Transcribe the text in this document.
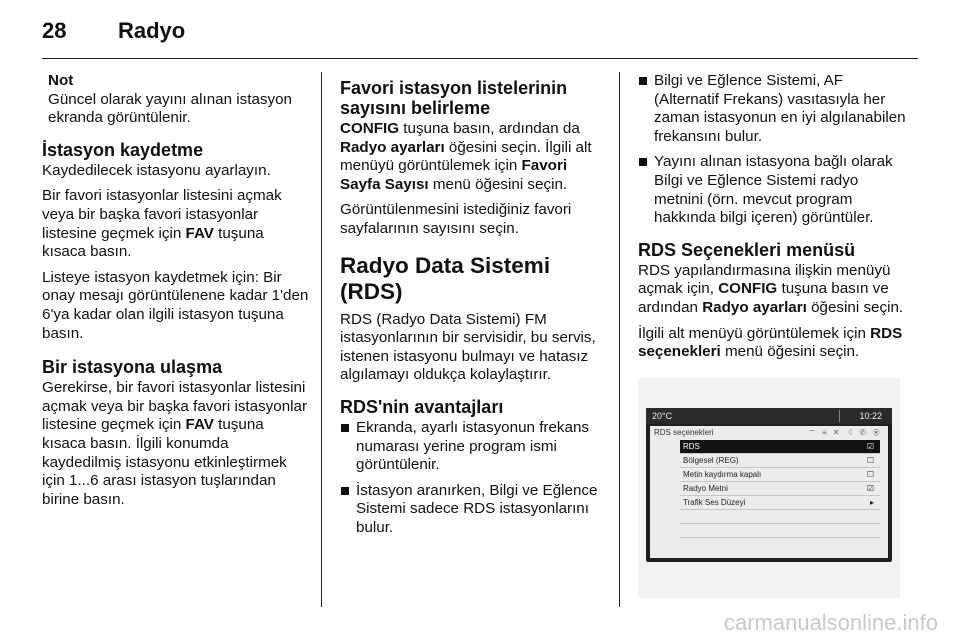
28	Radyo
Not
Güncel olarak yayını alınan istasyon ekranda görüntülenir.
İstasyon kaydetme

Kaydedilecek istasyonu ayarlayın.

Bir favori istasyonlar listesini açmak veya bir başka favori istasyonlar listesine geçmek için FAV tuşuna kısaca basın.

Listeye istasyon kaydetmek için: Bir onay mesajı görüntülenene kadar 1'den 6'ya kadar olan ilgili istasyon tuşuna basın.

Bir istasyona ulaşma

Gerekirse, bir favori istasyonlar listesini açmak veya bir başka favori istasyonlar listesine geçmek için FAV tuşuna kısaca basın. İlgili konumda kaydedilmiş istasyonu etkinleştirmek için 1...6 arası istasyon tuşlarından birine basın.

Favori istasyon listelerinin sayısını belirleme

CONFIG tuşuna basın, ardından da Radyo ayarları öğesini seçin. İlgili alt menüyü görüntülemek için Favori Sayfa Sayısı menü öğesini seçin.

Görüntülenmesini istediğiniz favori sayfalarının sayısını seçin.

Radyo Data Sistemi (RDS)

RDS (Radyo Data Sistemi) FM istasyonlarının bir servisidir, bu servis, istenen istasyonu bulmayı ve hatasız algılamayı oldukça kolaylaştırır.

RDS'nin avantajları
Ekranda, ayarlı istasyonun frekans numarası yerine program ismi görüntülenir.
İstasyon aranırken, Bilgi ve Eğlence Sistemi sadece RDS istasyonlarını bulur.
Bilgi ve Eğlence Sistemi, AF (Alternatif Frekans) vasıtasıyla her zaman istasyonun en iyi algılanabilen frekansını bulur.
Yayını alınan istasyona bağlı olarak Bilgi ve Eğlence Sistemi radyo metnini (örn. mevcut program hakkında bilgi içeren) görüntüler.
RDS Seçenekleri menüsü

RDS yapılandırmasına ilişkin menüyü açmak için, CONFIG tuşuna basın ve ardından Radyo ayarları öğesini seçin.

İlgili alt menüyü görüntülemek için RDS seçenekleri menü öğesini seçin.

20°C	10:22
RDS seçenekleri	⌔ ≡ ✕ ◁ ✆ ◉
RDS	☑
Bölgesel (REG)	☐
Metin kaydırma kapalı	☐
Radyo Metni	☑
Trafik Ses Düzeyi	▸
carmanualsonline.info
